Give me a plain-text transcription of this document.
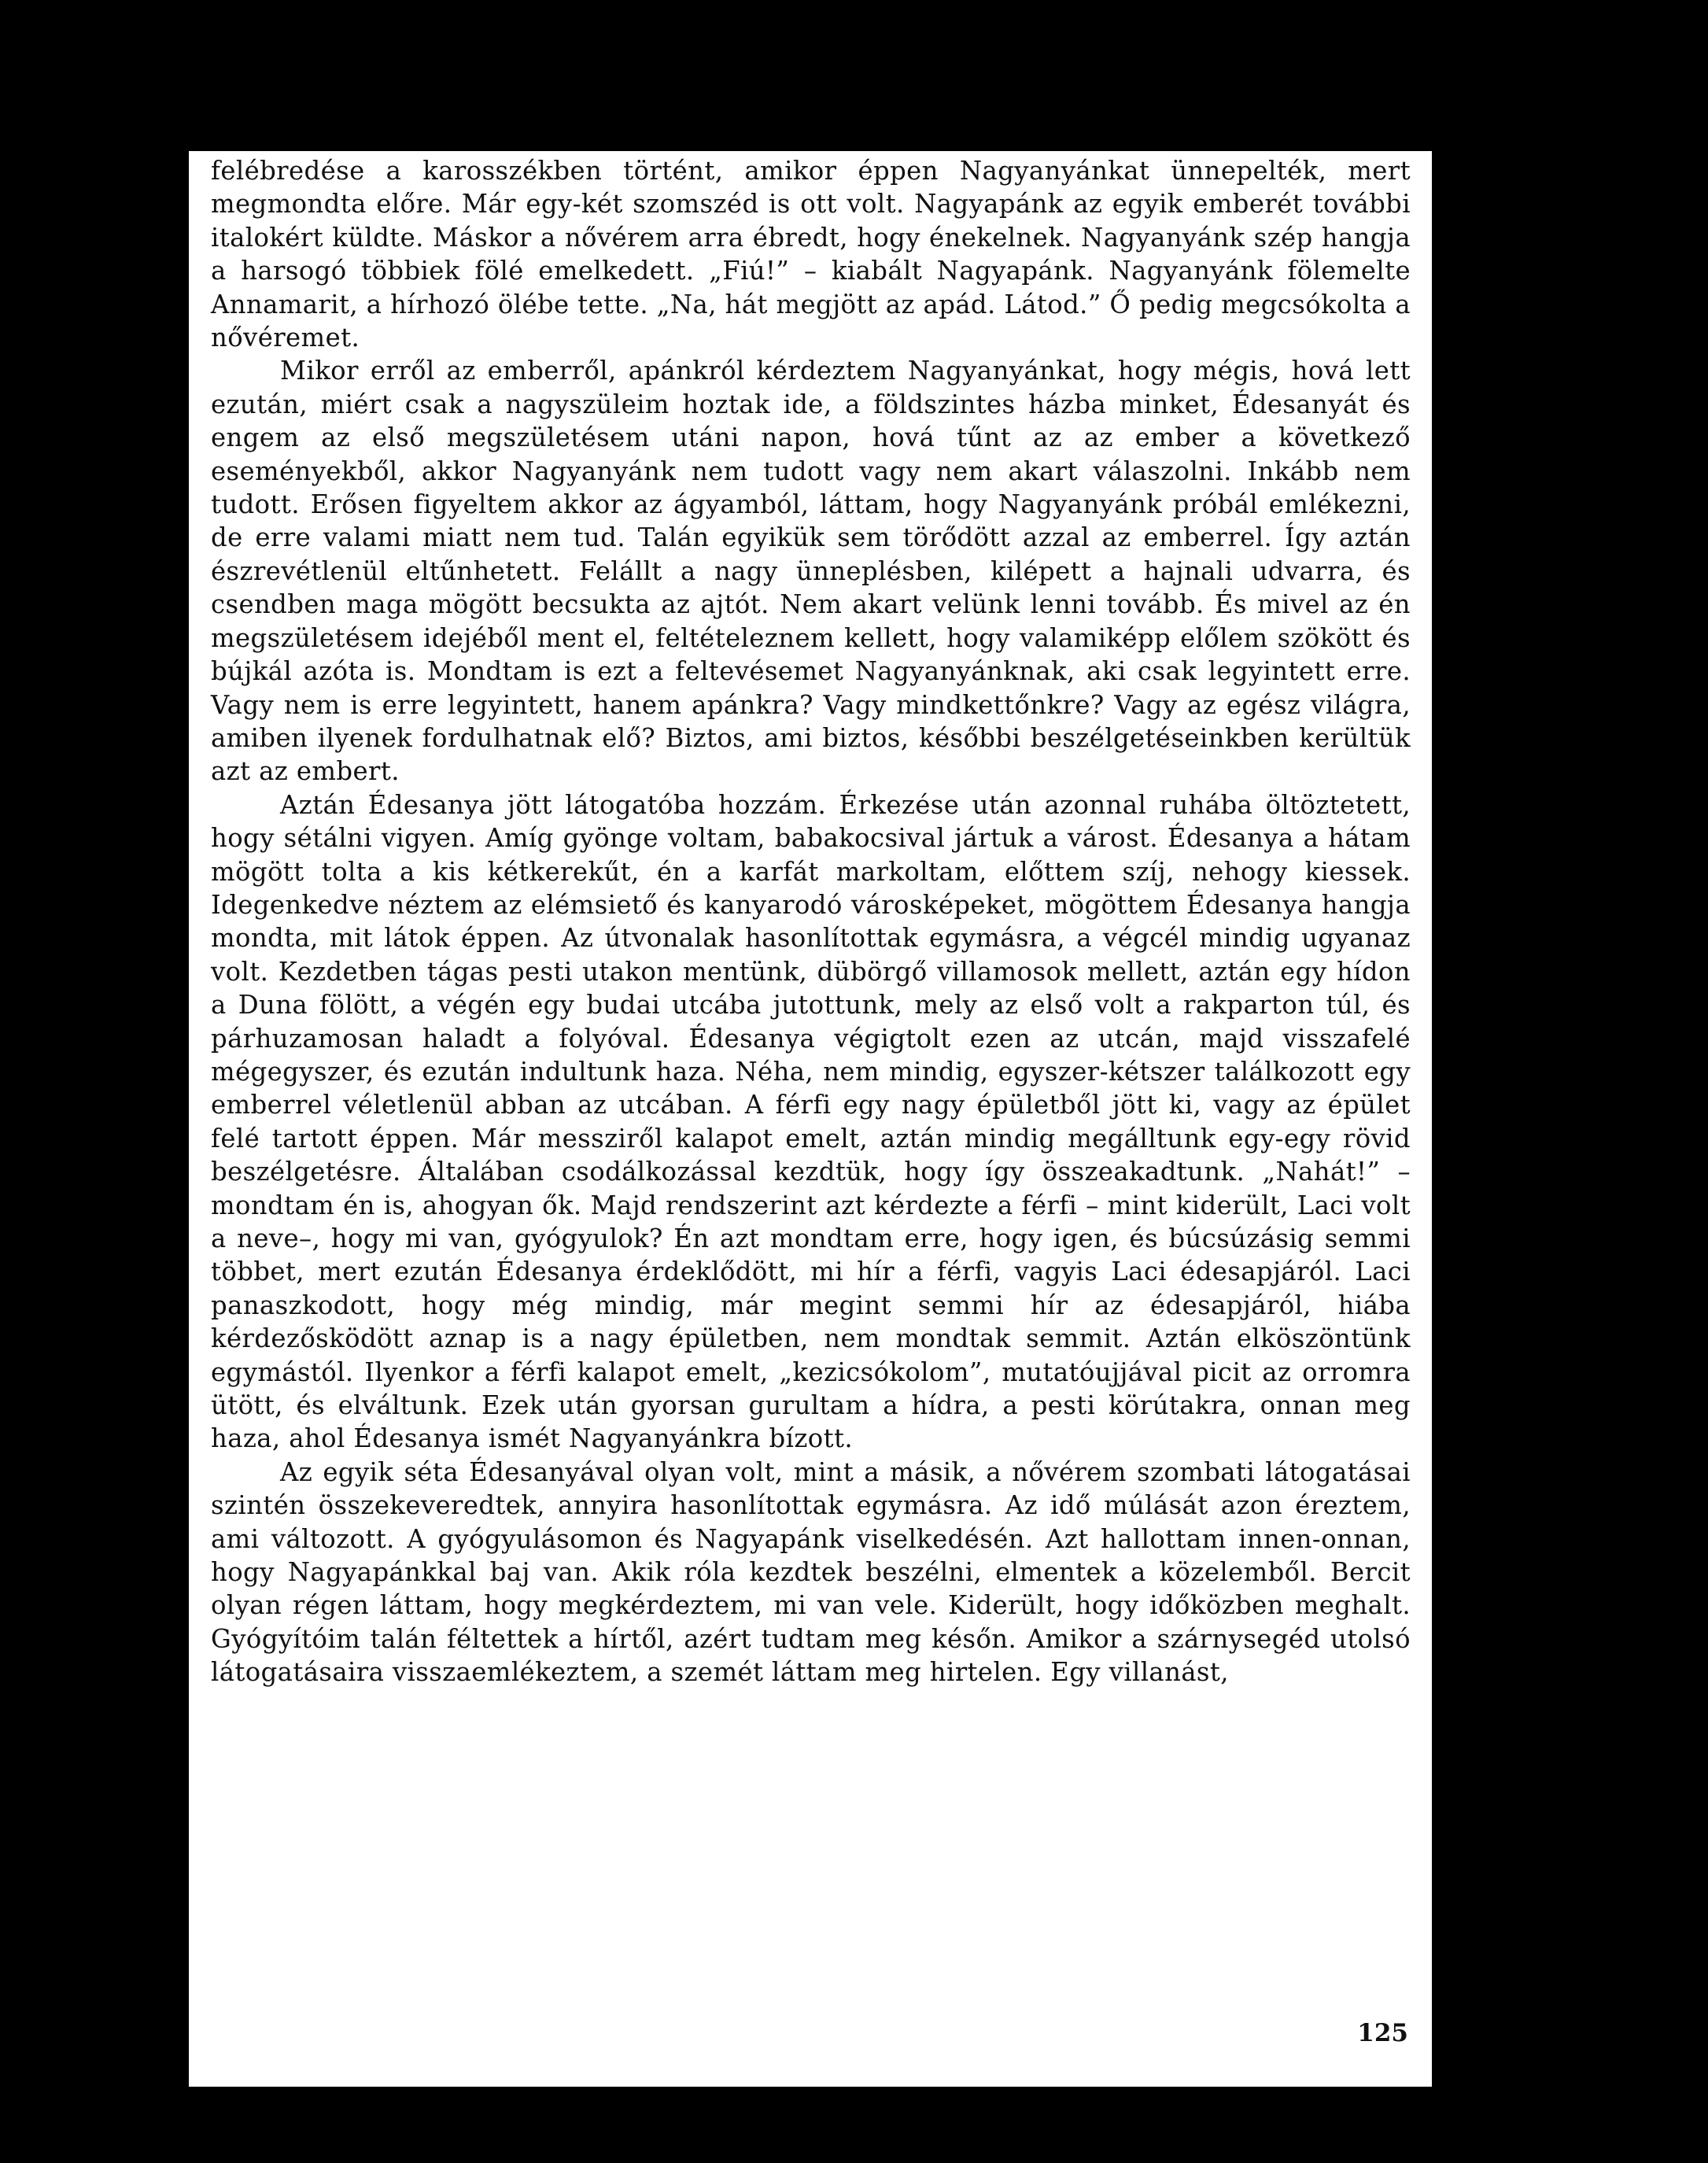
felébredése a karosszékben történt, amikor éppen Nagyanyánkat ünnepelték, mert megmondta előre. Már egy-két szomszéd is ott volt. Nagyapánk az egyik emberét további italokért küldte. Máskor a nővérem arra ébredt, hogy énekelnek. Nagyanyánk szép hangja a harsogó többiek fölé emelkedett. „Fiú!” – kiabált Nagyapánk. Nagyanyánk fölemelte Annamarit, a hírhozó ölébe tette. „Na, hát megjött az apád. Látod.” Ő pedig megcsókolta a nővéremet.

Mikor erről az emberről, apánkról kérdeztem Nagyanyánkat, hogy mégis, hová lett ezután, miért csak a nagyszüleim hoztak ide, a földszintes házba minket, Édesanyát és engem az első megszületésem utáni napon, hová tűnt az az ember a következő eseményekből, akkor Nagyanyánk nem tudott vagy nem akart válaszolni. Inkább nem tudott. Erősen figyeltem akkor az ágyamból, láttam, hogy Nagyanyánk próbál emlékezni, de erre valami miatt nem tud. Talán egyikük sem törődött azzal az emberrel. Így aztán észrevétlenül eltűnhetett. Felállt a nagy ünneplésben, kilépett a hajnali udvarra, és csendben maga mögött becsukta az ajtót. Nem akart velünk lenni tovább. És mivel az én megszületésem idejéből ment el, feltételeznem kellett, hogy valamiképp előlem szökött és bújkál azóta is. Mondtam is ezt a feltevésemet Nagyanyánknak, aki csak legyintett erre. Vagy nem is erre legyintett, hanem apánkra? Vagy mindkettőnkre? Vagy az egész világra, amiben ilyenek fordulhatnak elő? Biztos, ami biztos, későbbi beszélgetéseinkben kerültük azt az embert.

Aztán Édesanya jött látogatóba hozzám. Érkezése után azonnal ruhába öltöztetett, hogy sétálni vigyen. Amíg gyönge voltam, babakocsival jártuk a várost. Édesanya a hátam mögött tolta a kis kétkerekűt, én a karfát markoltam, előttem szíj, nehogy kiessek. Idegenkedve néztem az elémsiető és kanyarodó városképeket, mögöttem Édesanya hangja mondta, mit látok éppen. Az útvonalak hasonlítottak egymásra, a végcél mindig ugyanaz volt. Kezdetben tágas pesti utakon mentünk, dübörgő villamosok mellett, aztán egy hídon a Duna fölött, a végén egy budai utcába jutottunk, mely az első volt a rakparton túl, és párhuzamosan haladt a folyóval. Édesanya végigtolt ezen az utcán, majd visszafelé mégegyszer, és ezután indultunk haza. Néha, nem mindig, egyszer-kétszer találkozott egy emberrel véletlenül abban az utcában. A férfi egy nagy épületből jött ki, vagy az épület felé tartott éppen. Már messziről kalapot emelt, aztán mindig megálltunk egy-egy rövid beszélgetésre. Általában csodálkozással kezdtük, hogy így összeakadtunk. „Nahát!” – mondtam én is, ahogyan ők. Majd rendszerint azt kérdezte a férfi – mint kiderült, Laci volt a neve–, hogy mi van, gyógyulok? Én azt mondtam erre, hogy igen, és búcsúzásig semmi többet, mert ezután Édesanya érdeklődött, mi hír a férfi, vagyis Laci édesapjáról. Laci panaszkodott, hogy még mindig, már megint semmi hír az édesapjáról, hiába kérdezősködött aznap is a nagy épületben, nem mondtak semmit. Aztán elköszöntünk egymástól. Ilyenkor a férfi kalapot emelt, „kezicsókolom”, mutatóujjával picit az orromra ütött, és elváltunk. Ezek után gyorsan gurultam a hídra, a pesti körútakra, onnan meg haza, ahol Édesanya ismét Nagyanyánkra bízott.

Az egyik séta Édesanyával olyan volt, mint a másik, a nővérem szombati látogatásai szintén összekeveredtek, annyira hasonlítottak egymásra. Az idő múlását azon éreztem, ami változott. A gyógyulásomon és Nagyapánk viselkedésén. Azt hallottam innen-onnan, hogy Nagyapánkkal baj van. Akik róla kezdtek beszélni, elmentek a közelemből. Bercit olyan régen láttam, hogy megkérdeztem, mi van vele. Kiderült, hogy időközben meghalt. Gyógyítóim talán féltettek a hírtől, azért tudtam meg későn. Amikor a szárnysegéd utolsó látogatásaira visszaemlékeztem, a szemét láttam meg hirtelen. Egy villanást,

125
